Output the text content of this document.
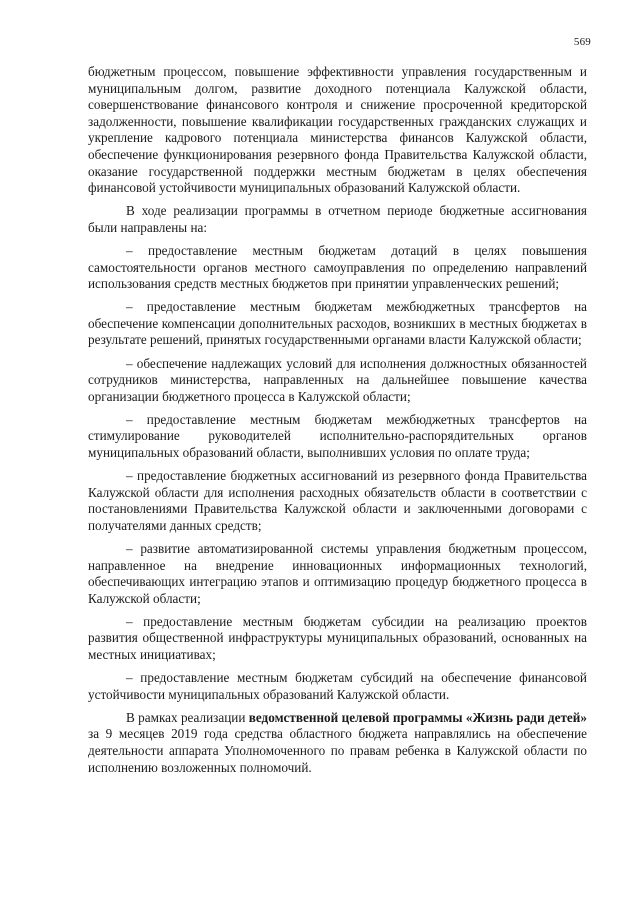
569

бюджетным процессом, повышение эффективности управления государственным и муниципальным долгом, развитие доходного потенциала Калужской области, совершенствование финансового контроля и снижение просроченной кредиторской задолженности, повышение квалификации государственных гражданских служащих и укрепление кадрового потенциала министерства финансов Калужской области, обеспечение функционирования резервного фонда Правительства Калужской области, оказание государственной поддержки местным бюджетам в целях обеспечения финансовой устойчивости муниципальных образований Калужской области.

В ходе реализации программы в отчетном периоде бюджетные ассигнования были направлены на:

– предоставление местным бюджетам дотаций в целях повышения самостоятельности органов местного самоуправления по определению направлений использования средств местных бюджетов при принятии управленческих решений;

– предоставление местным бюджетам межбюджетных трансфертов на обеспечение компенсации дополнительных расходов, возникших в местных бюджетах в результате решений, принятых государственными органами власти Калужской области;

– обеспечение надлежащих условий для исполнения должностных обязанностей сотрудников министерства, направленных на дальнейшее повышение качества организации бюджетного процесса в Калужской области;

– предоставление местным бюджетам межбюджетных трансфертов на стимулирование руководителей исполнительно-распорядительных органов муниципальных образований области, выполнивших условия по оплате труда;

– предоставление бюджетных ассигнований из резервного фонда Правительства Калужской области для исполнения расходных обязательств области в соответствии с постановлениями Правительства Калужской области и заключенными договорами с получателями данных средств;

– развитие автоматизированной системы управления бюджетным процессом, направленное на внедрение инновационных информационных технологий, обеспечивающих интеграцию этапов и оптимизацию процедур бюджетного процесса в Калужской области;

– предоставление местным бюджетам субсидии на реализацию проектов развития общественной инфраструктуры муниципальных образований, основанных на местных инициативах;

– предоставление местным бюджетам субсидий на обеспечение финансовой устойчивости муниципальных образований Калужской области.

В рамках реализации ведомственной целевой программы «Жизнь ради детей» за 9 месяцев 2019 года средства областного бюджета направлялись на обеспечение деятельности аппарата Уполномоченного по правам ребенка в Калужской области по исполнению возложенных полномочий.
